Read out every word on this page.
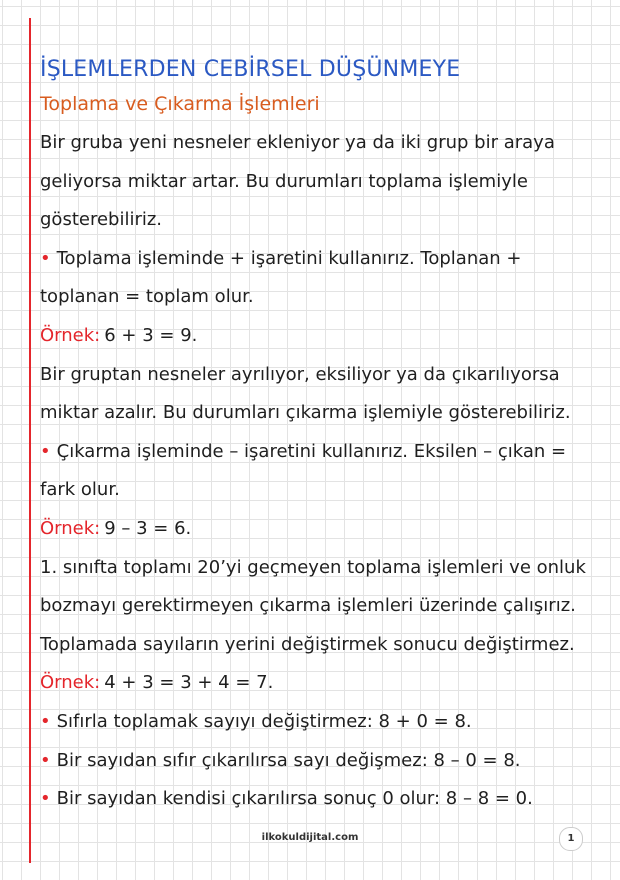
İŞLEMLERDEN CEBİRSEL DÜŞÜNMEYE
Toplama ve Çıkarma İşlemleri
Bir gruba yeni nesneler ekleniyor ya da iki grup bir araya
geliyorsa miktar artar. Bu durumları toplama işlemiyle
gösterebiliriz.
• Toplama işleminde + işaretini kullanırız. Toplanan +
toplanan = toplam olur.
Örnek: 6 + 3 = 9.
Bir gruptan nesneler ayrılıyor, eksiliyor ya da çıkarılıyorsa
miktar azalır. Bu durumları çıkarma işlemiyle gösterebiliriz.
• Çıkarma işleminde – işaretini kullanırız. Eksilen – çıkan =
fark olur.
Örnek: 9 – 3 = 6.
1. sınıfta toplamı 20’yi geçmeyen toplama işlemleri ve onluk
bozmayı gerektirmeyen çıkarma işlemleri üzerinde çalışırız.
Toplamada sayıların yerini değiştirmek sonucu değiştirmez.
Örnek: 4 + 3 = 3 + 4 = 7.
• Sıfırla toplamak sayıyı değiştirmez: 8 + 0 = 8.
• Bir sayıdan sıfır çıkarılırsa sayı değişmez: 8 – 0 = 8.
• Bir sayıdan kendisi çıkarılırsa sonuç 0 olur: 8 – 8 = 0.
ilkokuldijital.com	1
